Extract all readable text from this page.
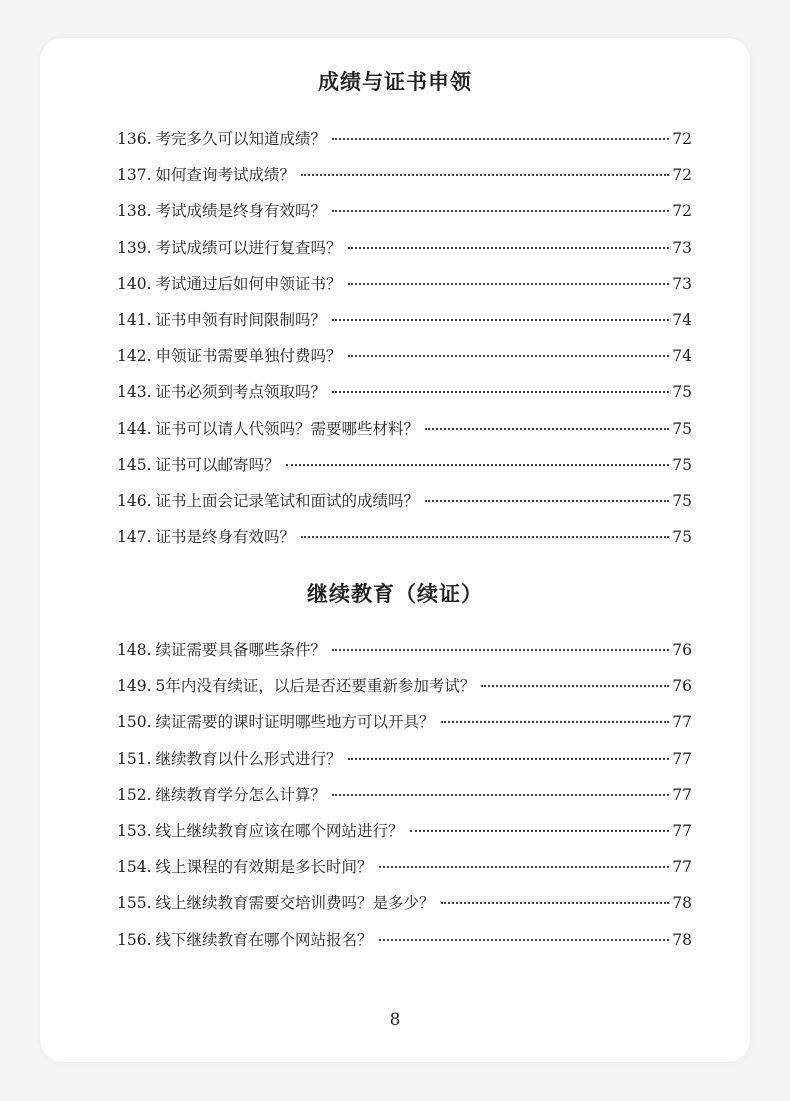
成绩与证书申领
136. 考完多久可以知道成绩？	72
137. 如何查询考试成绩？	72
138. 考试成绩是终身有效吗？	72
139. 考试成绩可以进行复查吗？	73
140. 考试通过后如何申领证书？	73
141. 证书申领有时间限制吗？	74
142. 申领证书需要单独付费吗？	74
143. 证书必须到考点领取吗？	75
144. 证书可以请人代领吗？需要哪些材料？	75
145. 证书可以邮寄吗？	75
146. 证书上面会记录笔试和面试的成绩吗？	75
147. 证书是终身有效吗？	75
继续教育（续证）
148. 续证需要具备哪些条件？	76
149. 5年内没有续证，以后是否还要重新参加考试？	76
150. 续证需要的课时证明哪些地方可以开具？	77
151. 继续教育以什么形式进行？	77
152. 继续教育学分怎么计算？	77
153. 线上继续教育应该在哪个网站进行？	77
154. 线上课程的有效期是多长时间？	77
155. 线上继续教育需要交培训费吗？是多少？	78
156. 线下继续教育在哪个网站报名？	78
8
